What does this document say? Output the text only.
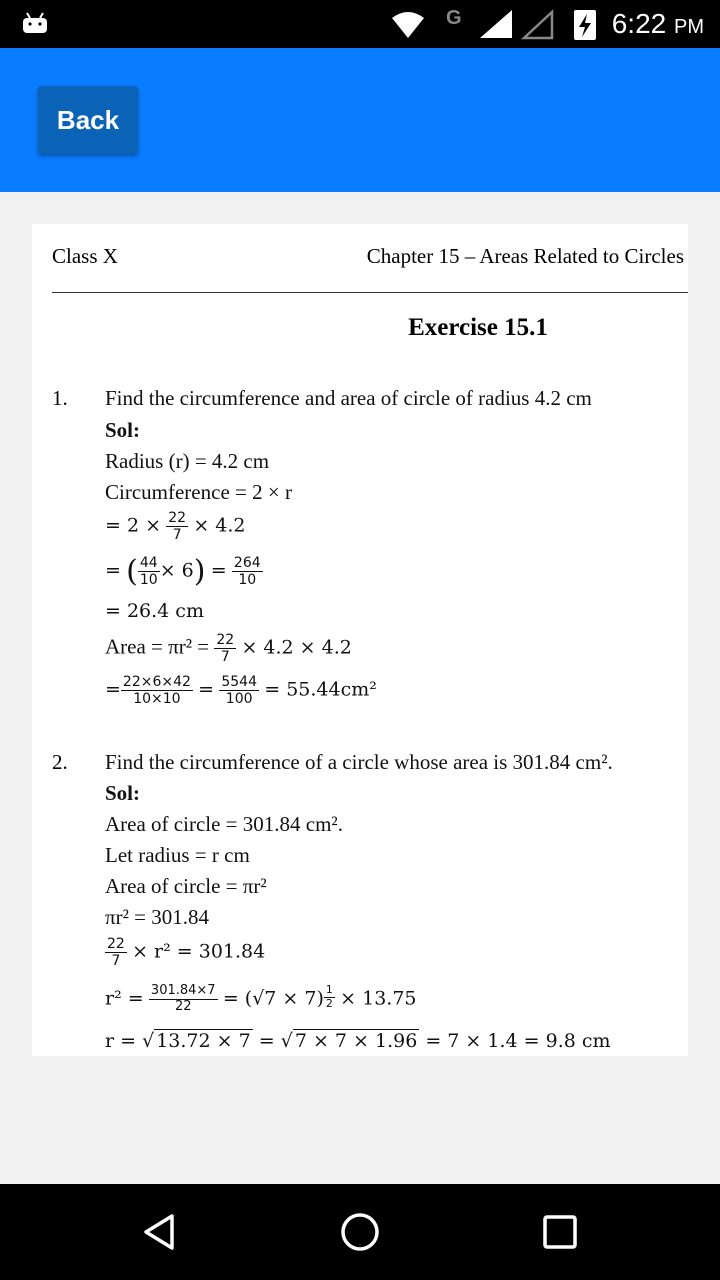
G	6:22 PM
Back
Class X	Chapter 15 – Areas Related to Circles
Exercise 15.1
1. Find the circumference and area of circle of radius 4.2 cm
Sol:
Radius (r) = 4.2 cm
Circumference = 2 × r
= $2 \times \frac{22}{7} \times 4.2$
= ( $\frac{44}{10} \times 6) = \frac{264}{10}$
= 26.4 cm
Area = $\pi r^2 = \frac{22}{7} \times 4.2 \times 4.2$
= $\frac{22\times 6\times 42}{10\times 10} = \frac{5544}{100} = 55.44cm^2$
2. Find the circumference of a circle whose area is 301.84 cm².
Sol:
Area of circle = 301.84 cm².
Let radius = r cm
Area of circle = πr²
πr² = 301.84
$\frac{22}{7} \times r^2 = 301.84$
$r^2 = \frac{301.84\times 7}{22} = (√7 \times 7) \frac{1}{2} \times 13.75$
r = √ 13.72 × 7 = √ 7 × 7 × 1.96 = 7 × 1.4 = 9.8 cm
